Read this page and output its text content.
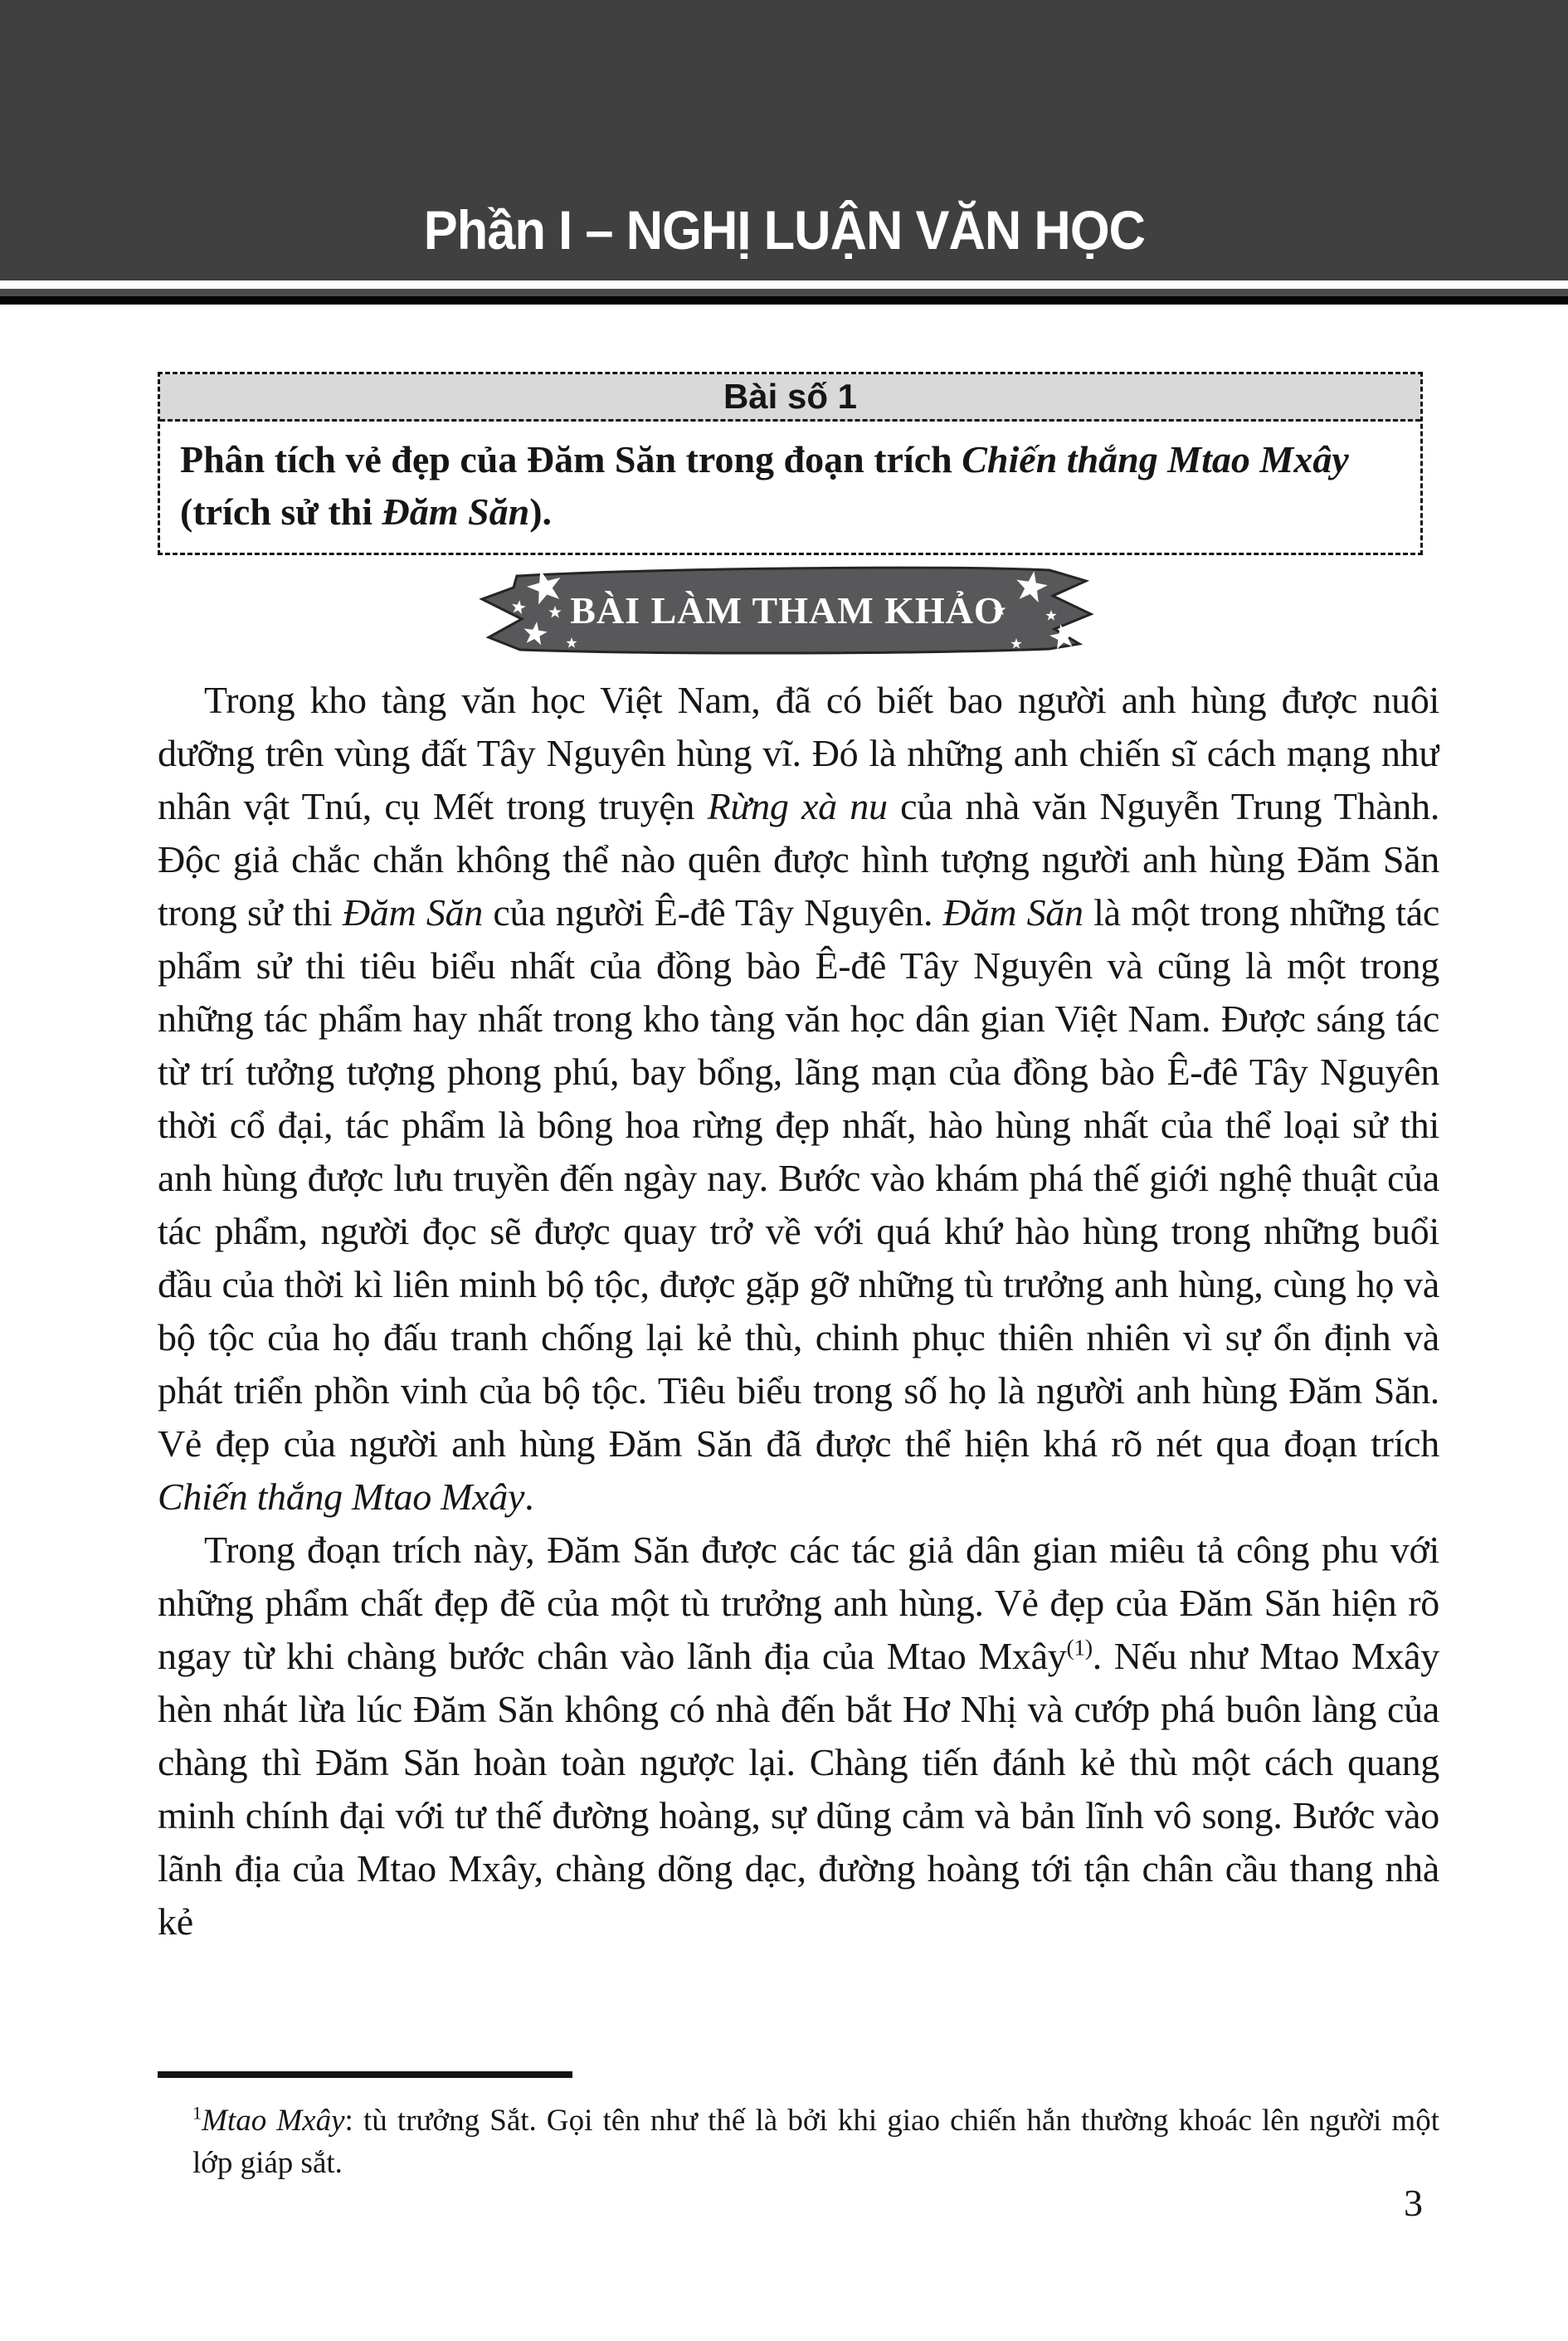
Phần I – NGHỊ LUẬN VĂN HỌC
Bài số 1
Phân tích vẻ đẹp của Đăm Săn trong đoạn trích Chiến thắng Mtao Mxây (trích sử thi Đăm Săn).
BÀI LÀM THAM KHẢO

Trong kho tàng văn học Việt Nam, đã có biết bao người anh hùng được nuôi dưỡng trên vùng đất Tây Nguyên hùng vĩ. Đó là những anh chiến sĩ cách mạng như nhân vật Tnú, cụ Mết trong truyện Rừng xà nu của nhà văn Nguyễn Trung Thành. Độc giả chắc chắn không thể nào quên được hình tượng người anh hùng Đăm Săn trong sử thi Đăm Săn của người Ê-đê Tây Nguyên. Đăm Săn là một trong những tác phẩm sử thi tiêu biểu nhất của đồng bào Ê-đê Tây Nguyên và cũng là một trong những tác phẩm hay nhất trong kho tàng văn học dân gian Việt Nam. Được sáng tác từ trí tưởng tượng phong phú, bay bổng, lãng mạn của đồng bào Ê-đê Tây Nguyên thời cổ đại, tác phẩm là bông hoa rừng đẹp nhất, hào hùng nhất của thể loại sử thi anh hùng được lưu truyền đến ngày nay. Bước vào khám phá thế giới nghệ thuật của tác phẩm, người đọc sẽ được quay trở về với quá khứ hào hùng trong những buổi đầu của thời kì liên minh bộ tộc, được gặp gỡ những tù trưởng anh hùng, cùng họ và bộ tộc của họ đấu tranh chống lại kẻ thù, chinh phục thiên nhiên vì sự ổn định và phát triển phồn vinh của bộ tộc. Tiêu biểu trong số họ là người anh hùng Đăm Săn. Vẻ đẹp của người anh hùng Đăm Săn đã được thể hiện khá rõ nét qua đoạn trích Chiến thắng Mtao Mxây.

Trong đoạn trích này, Đăm Săn được các tác giả dân gian miêu tả công phu với những phẩm chất đẹp đẽ của một tù trưởng anh hùng. Vẻ đẹp của Đăm Săn hiện rõ ngay từ khi chàng bước chân vào lãnh địa của Mtao Mxây$^{(1)}$. Nếu như Mtao Mxây hèn nhát lừa lúc Đăm Săn không có nhà đến bắt Hơ Nhị và cướp phá buôn làng của chàng thì Đăm Săn hoàn toàn ngược lại. Chàng tiến đánh kẻ thù một cách quang minh chính đại với tư thế đường hoàng, sự dũng cảm và bản lĩnh vô song. Bước vào lãnh địa của Mtao Mxây, chàng dõng dạc, đường hoàng tới tận chân cầu thang nhà kẻ

$^1$Mtao Mxây: tù trưởng Sắt. Gọi tên như thế là bởi khi giao chiến hắn thường khoác lên người một lớp giáp sắt.
3
